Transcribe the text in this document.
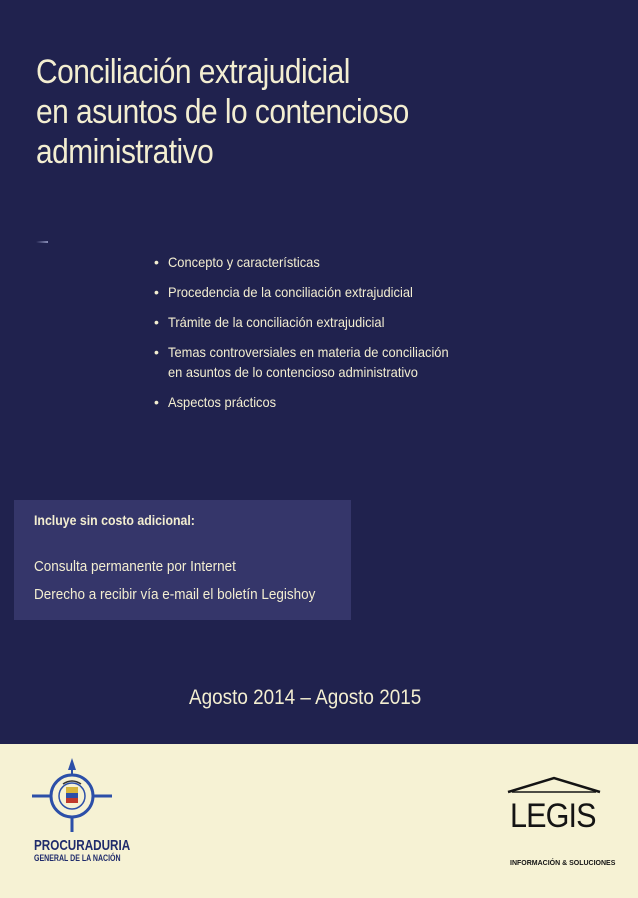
Conciliación extrajudicial
en asuntos de lo contencioso
administrativo
• Concepto y características
• Procedencia de la conciliación extrajudicial
• Trámite de la conciliación extrajudicial
• Temas controversiales en materia de conciliación
en asuntos de lo contencioso administrativo
• Aspectos prácticos
Incluye sin costo adicional:
Consulta permanente por Internet
Derecho a recibir vía e-mail el boletín Legishoy
Agosto 2014 – Agosto 2015
PROCURADURIA
GENERAL DE LA NACIÓN
LEGIS
INFORMACIÓN & SOLUCIONES
